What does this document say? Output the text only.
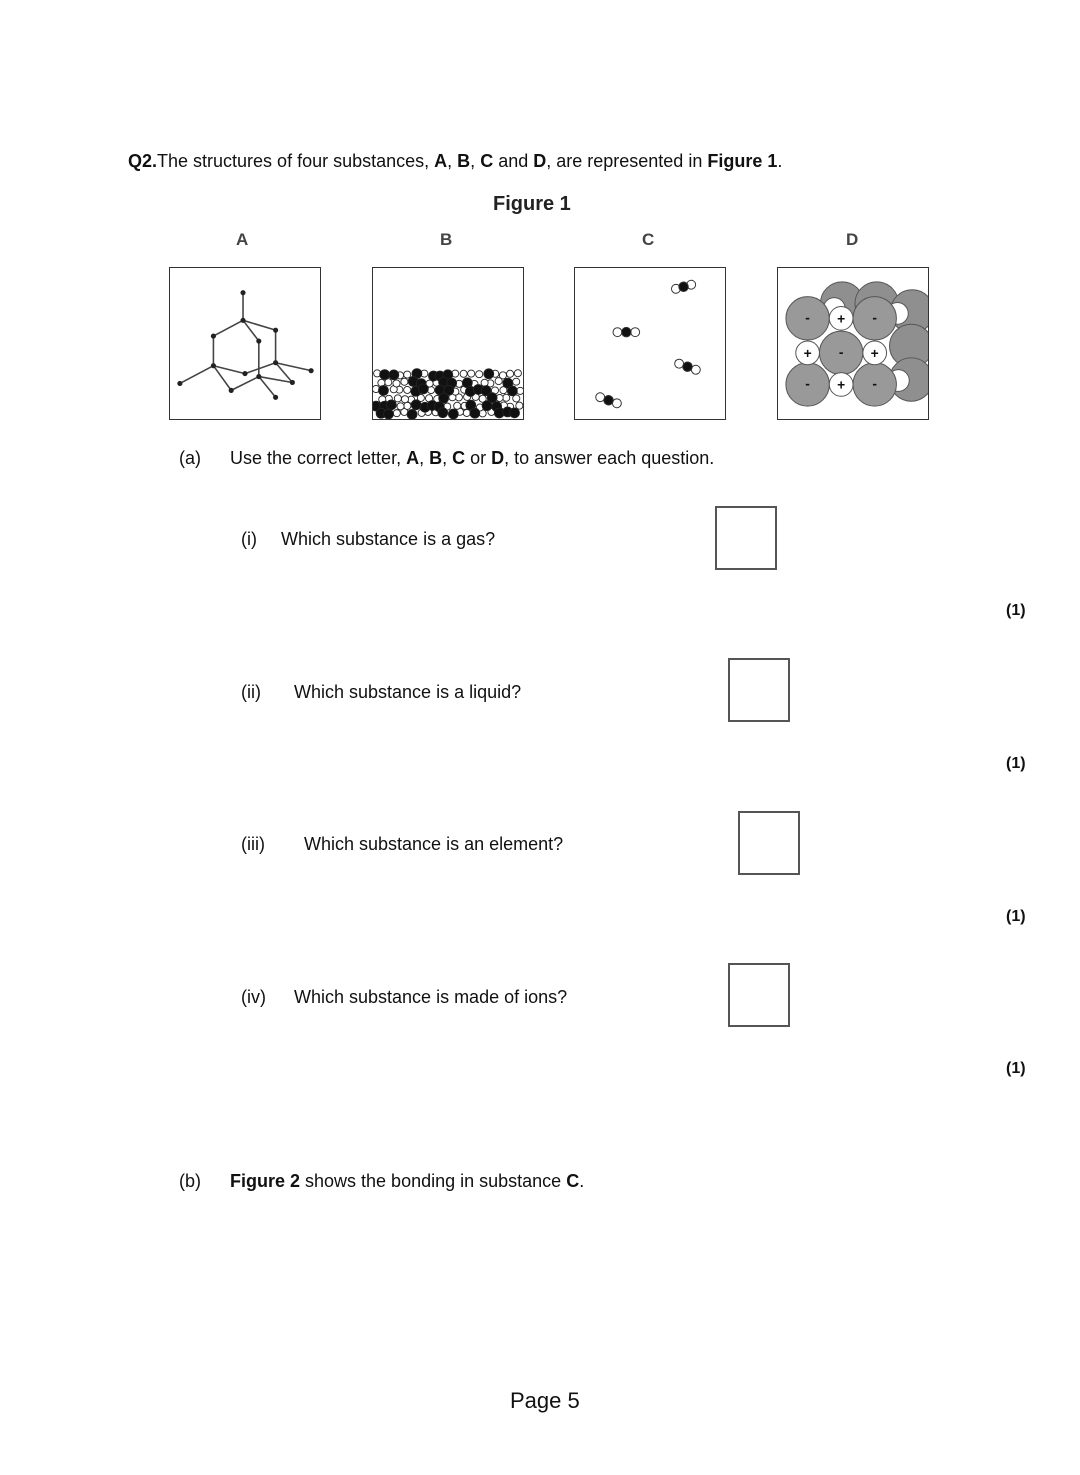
Q2.The structures of four substances, A, B, C and D, are represented in Figure 1.
Figure 1
A	B	C	D
+
+	+
+
-	-
-
-	-
(a) Use the correct letter, A, B, C or D, to answer each question.
(i) Which substance is a gas?
(1)
(ii) Which substance is a liquid?
(1)
(iii) Which substance is an element?
(1)
(iv) Which substance is made of ions?
(1)
(b) Figure 2 shows the bonding in substance C.
Page 5
